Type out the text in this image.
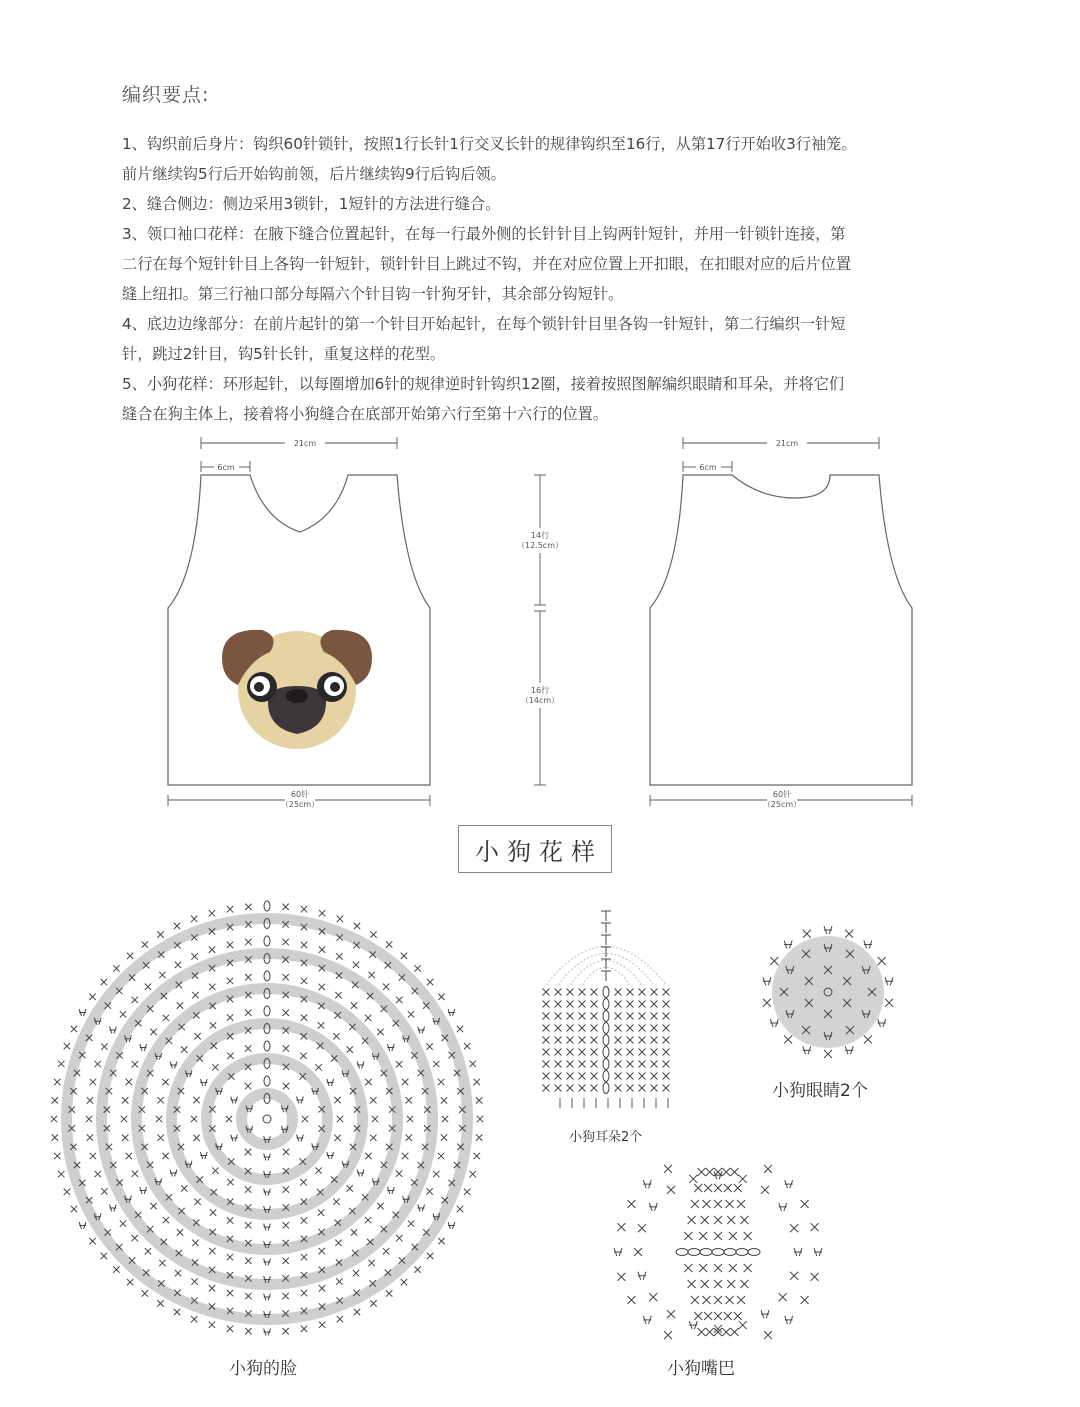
编织要点:

1、钩织前后身片：钩织60针锁针，按照1行长针1行交叉长针的规律钩织至16行，从第17行开始收3行袖笼。
前片继续钩5行后开始钩前领，后片继续钩9行后钩后领。

2、缝合侧边：侧边采用3锁针，1短针的方法进行缝合。

3、领口袖口花样：在腋下缝合位置起针，在每一行最外侧的长针针目上钩两针短针，并用一针锁针连接，第
二行在每个短针针目上各钩一针短针，锁针针目上跳过不钩，并在对应位置上开扣眼，在扣眼对应的后片位置
缝上纽扣。第三行袖口部分每隔六个针目钩一针狗牙针，其余部分钩短针。

4、底边边缘部分：在前片起针的第一个针目开始起针，在每个锁针针目里各钩一针短针，第二行编织一针短
针，跳过2针目，钩5针长针，重复这样的花型。

5、小狗花样：环形起针，以每圈增加6针的规律逆时针钩织12圈，接着按照图解编织眼睛和耳朵，并将它们
缝合在狗主体上，接着将小狗缝合在底部开始第六行至第十六行的位置。

21cm
6cm
60针
（25cm）
14行
（12.5cm）
16行
（14cm）
21cm
6cm
60针
（25cm）
小狗花样
小狗的脸
小狗耳朵2个
小狗眼睛2个
小狗嘴巴
